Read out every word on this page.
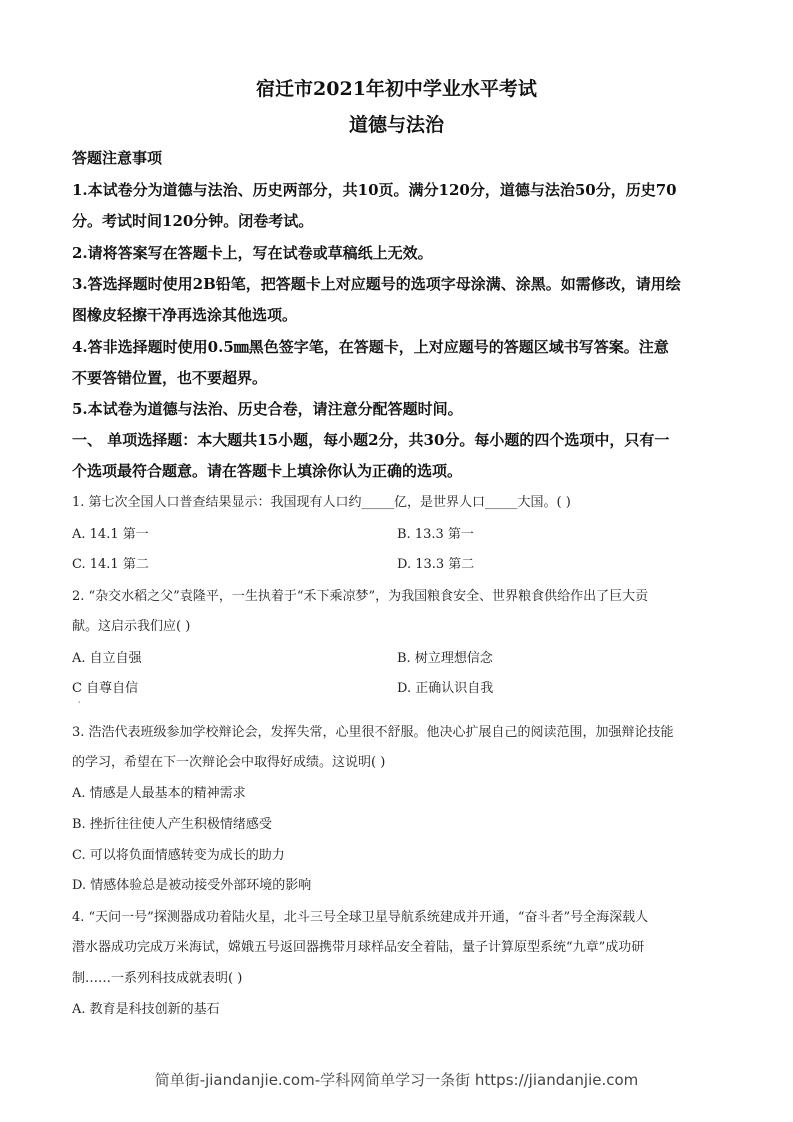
宿迁市2021年初中学业水平考试
道德与法治
答题注意事项
1.本试卷分为道德与法治、历史两部分，共10页。满分120分，道德与法治50分，历史70
分。考试时间120分钟。闭卷考试。
2.请将答案写在答题卡上，写在试卷或草稿纸上无效。
3.答选择题时使用2B铅笔，把答题卡上对应题号的选项字母涂满、涂黑。如需修改，请用绘
图橡皮轻擦干净再选涂其他选项。
4.答非选择题时使用0.5㎜黑色签字笔，在答题卡，上对应题号的答题区域书写答案。注意
不要答错位置，也不要超界。
5.本试卷为道德与法治、历史合卷，请注意分配答题时间。
一、 单项选择题：本大题共15小题，每小题2分，共30分。每小题的四个选项中，只有一
个选项最符合题意。请在答题卡上填涂你认为正确的选项。
1. 第七次全国人口普查结果显示：我国现有人口约_____亿，是世界人口_____大国。( )
A. 14.1 第一	B. 13.3 第一
C. 14.1 第二	D. 13.3 第二
2. “杂交水稻之父”袁隆平，一生执着于“禾下乘凉梦”，为我国粮食安全、世界粮食供给作出了巨大贡
献。这启示我们应( )
A. 自立自强	B. 树立理想信念
C 自尊自信	D. 正确认识自我
'
3. 浩浩代表班级参加学校辩论会，发挥失常，心里很不舒服。他决心扩展自己的阅读范围，加强辩论技能
的学习，希望在下一次辩论会中取得好成绩。这说明( )
A. 情感是人最基本的精神需求
B. 挫折往往使人产生积极情绪感受
C. 可以将负面情感转变为成长的助力
D. 情感体验总是被动接受外部环境的影响
4. “天问一号”探测器成功着陆火星，北斗三号全球卫星导航系统建成并开通，“奋斗者”号全海深载人
潜水器成功完成万米海试，嫦娥五号返回器携带月球样品安全着陆，量子计算原型系统“九章”成功研
制……一系列科技成就表明( )
A. 教育是科技创新的基石
简单街-jiandanjie.com-学科网简单学习一条街 https://jiandanjie.com
